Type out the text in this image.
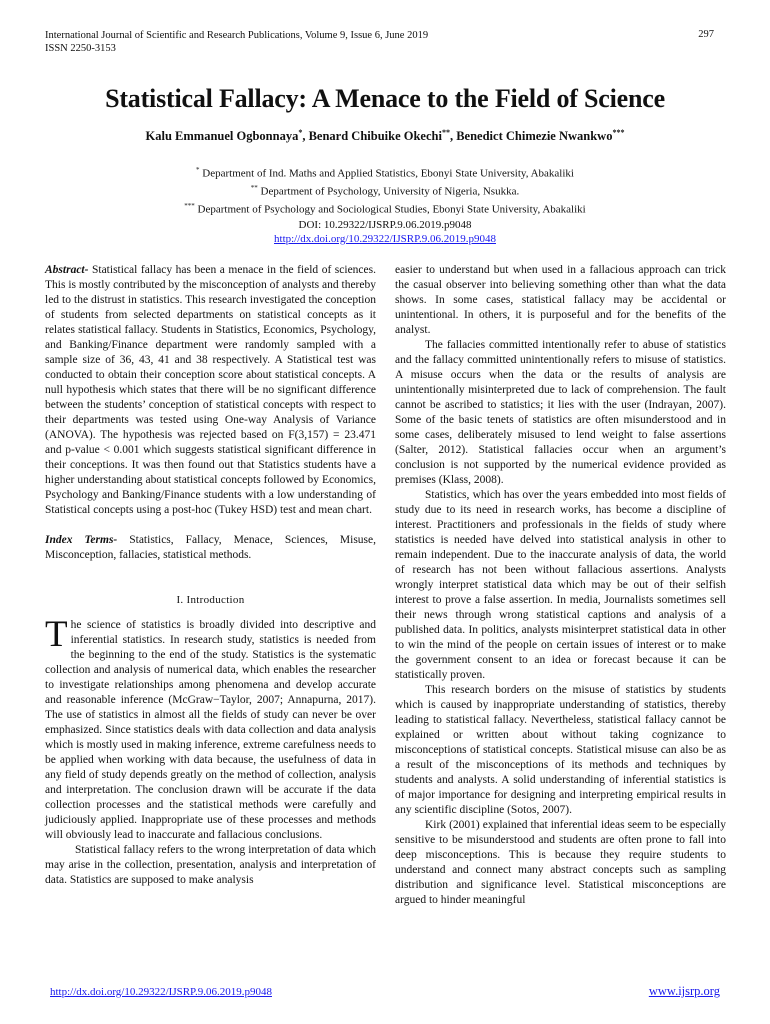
International Journal of Scientific and Research Publications, Volume 9, Issue 6, June 2019
ISSN 2250-3153
297
Statistical Fallacy: A Menace to the Field of Science
Kalu Emmanuel Ogbonnaya*, Benard Chibuike Okechi**, Benedict Chimezie Nwankwo***
* Department of Ind. Maths and Applied Statistics, Ebonyi State University, Abakaliki
** Department of Psychology, University of Nigeria, Nsukka.
*** Department of Psychology and Sociological Studies, Ebonyi State University, Abakaliki
DOI: 10.29322/IJSRP.9.06.2019.p9048
http://dx.doi.org/10.29322/IJSRP.9.06.2019.p9048

Abstract- Statistical fallacy has been a menace in the field of sciences. This is mostly contributed by the misconception of analysts and thereby led to the distrust in statistics. This research investigated the conception of students from selected departments on statistical concepts as it relates statistical fallacy. Students in Statistics, Economics, Psychology, and Banking/Finance department were randomly sampled with a sample size of 36, 43, 41 and 38 respectively. A Statistical test was conducted to obtain their conception score about statistical concepts. A null hypothesis which states that there will be no significant difference between the students’ conception of statistical concepts with respect to their departments was tested using One-way Analysis of Variance (ANOVA). The hypothesis was rejected based on F(3,157) = 23.471 and p-value < 0.001 which suggests statistical significant difference in their conceptions. It was then found out that Statistics students have a higher understanding about statistical concepts followed by Economics, Psychology and Banking/Finance students with a low understanding of Statistical concepts using a post-hoc (Tukey HSD) test and mean chart.

Index Terms- Statistics, Fallacy, Menace, Sciences, Misuse, Misconception, fallacies, statistical methods.

I. Introduction

The science of statistics is broadly divided into descriptive and inferential statistics. In research study, statistics is needed from the beginning to the end of the study. Statistics is the systematic collection and analysis of numerical data, which enables the researcher to investigate relationships among phenomena and develop accurate and reasonable inference (McGraw−Taylor, 2007; Annapurna, 2017). The use of statistics in almost all the fields of study can never be over emphasized. Since statistics deals with data collection and data analysis which is mostly used in making inference, extreme carefulness needs to be applied when working with data because, the usefulness of data in any field of study depends greatly on the method of collection, analysis and interpretation. The conclusion drawn will be accurate if the data collection processes and the statistical methods were carefully and judiciously applied. Inappropriate use of these processes and methods will obviously lead to inaccurate and fallacious conclusions.

Statistical fallacy refers to the wrong interpretation of data which may arise in the collection, presentation, analysis and interpretation of data. Statistics are supposed to make analysis

easier to understand but when used in a fallacious approach can trick the casual observer into believing something other than what the data shows. In some cases, statistical fallacy may be accidental or unintentional. In others, it is purposeful and for the benefits of the analyst.

The fallacies committed intentionally refer to abuse of statistics and the fallacy committed unintentionally refers to misuse of statistics. A misuse occurs when the data or the results of analysis are unintentionally misinterpreted due to lack of comprehension. The fault cannot be ascribed to statistics; it lies with the user (Indrayan, 2007). Some of the basic tenets of statistics are often misunderstood and in some cases, deliberately misused to lend weight to false assertions (Salter, 2012). Statistical fallacies occur when an argument’s conclusion is not supported by the numerical evidence provided as premises (Klass, 2008).

Statistics, which has over the years embedded into most fields of study due to its need in research works, has become a discipline of interest. Practitioners and professionals in the fields of study where statistics is needed have delved into statistical analysis in other to remain independent. Due to the inaccurate analysis of data, the world of research has not been without fallacious assertions. Analysts wrongly interpret statistical data which may be out of their selfish interest to prove a false assertion. In media, Journalists sometimes sell their news through wrong statistical captions and analysis of a published data. In politics, analysts misinterpret statistical data in other to win the mind of the people on certain issues of interest or to make the government consent to an idea or forecast because it can be statistically proven.

This research borders on the misuse of statistics by students which is caused by inappropriate understanding of statistics, thereby leading to statistical fallacy. Nevertheless, statistical fallacy cannot be explained or written about without taking cognizance to misconceptions of statistical concepts. Statistical misuse can also be as a result of the misconceptions of its methods and techniques by students and analysts. A solid understanding of inferential statistics is of major importance for designing and interpreting empirical results in any scientific discipline (Sotos, 2007).

Kirk (2001) explained that inferential ideas seem to be especially sensitive to be misunderstood and students are often prone to fall into deep misconceptions. This is because they require students to understand and connect many abstract concepts such as sampling distribution and significance level. Statistical misconceptions are argued to hinder meaningful

http://dx.doi.org/10.29322/IJSRP.9.06.2019.p9048	www.ijsrp.org
